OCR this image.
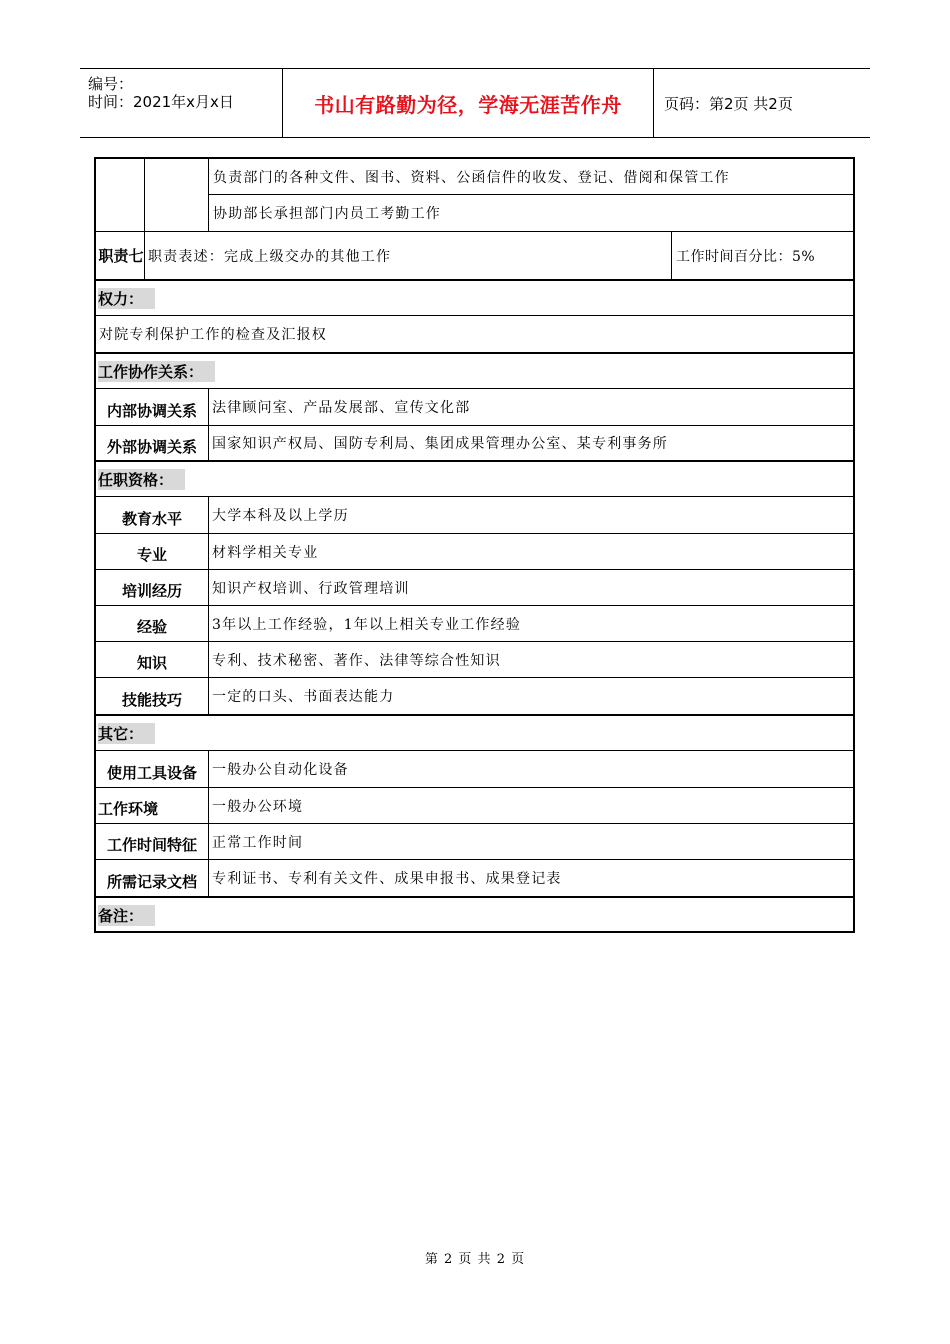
编号：
时间：2021年x月x日	书山有路勤为径，学海无涯苦作舟	页码：第2页 共2页
负责部门的各种文件、图书、资料、公函信件的收发、登记、借阅和保管工作
协助部长承担部门内员工考勤工作
职责七 职责表述：完成上级交办的其他工作	工作时间百分比：5%
权力：
对院专利保护工作的检查及汇报权
工作协作关系：
内部协调关系	法律顾问室、产品发展部、宣传文化部
外部协调关系	国家知识产权局、国防专利局、集团成果管理办公室、某专利事务所
任职资格：
教育水平	大学本科及以上学历
专业	材料学相关专业
培训经历	知识产权培训、行政管理培训
经验	3年以上工作经验，1年以上相关专业工作经验
知识	专利、技术秘密、著作、法律等综合性知识
技能技巧	一定的口头、书面表达能力
其它：
使用工具设备	一般办公自动化设备
工作环境	一般办公环境
工作时间特征	正常工作时间
所需记录文档	专利证书、专利有关文件、成果申报书、成果登记表
备注：
第 2 页 共 2 页
